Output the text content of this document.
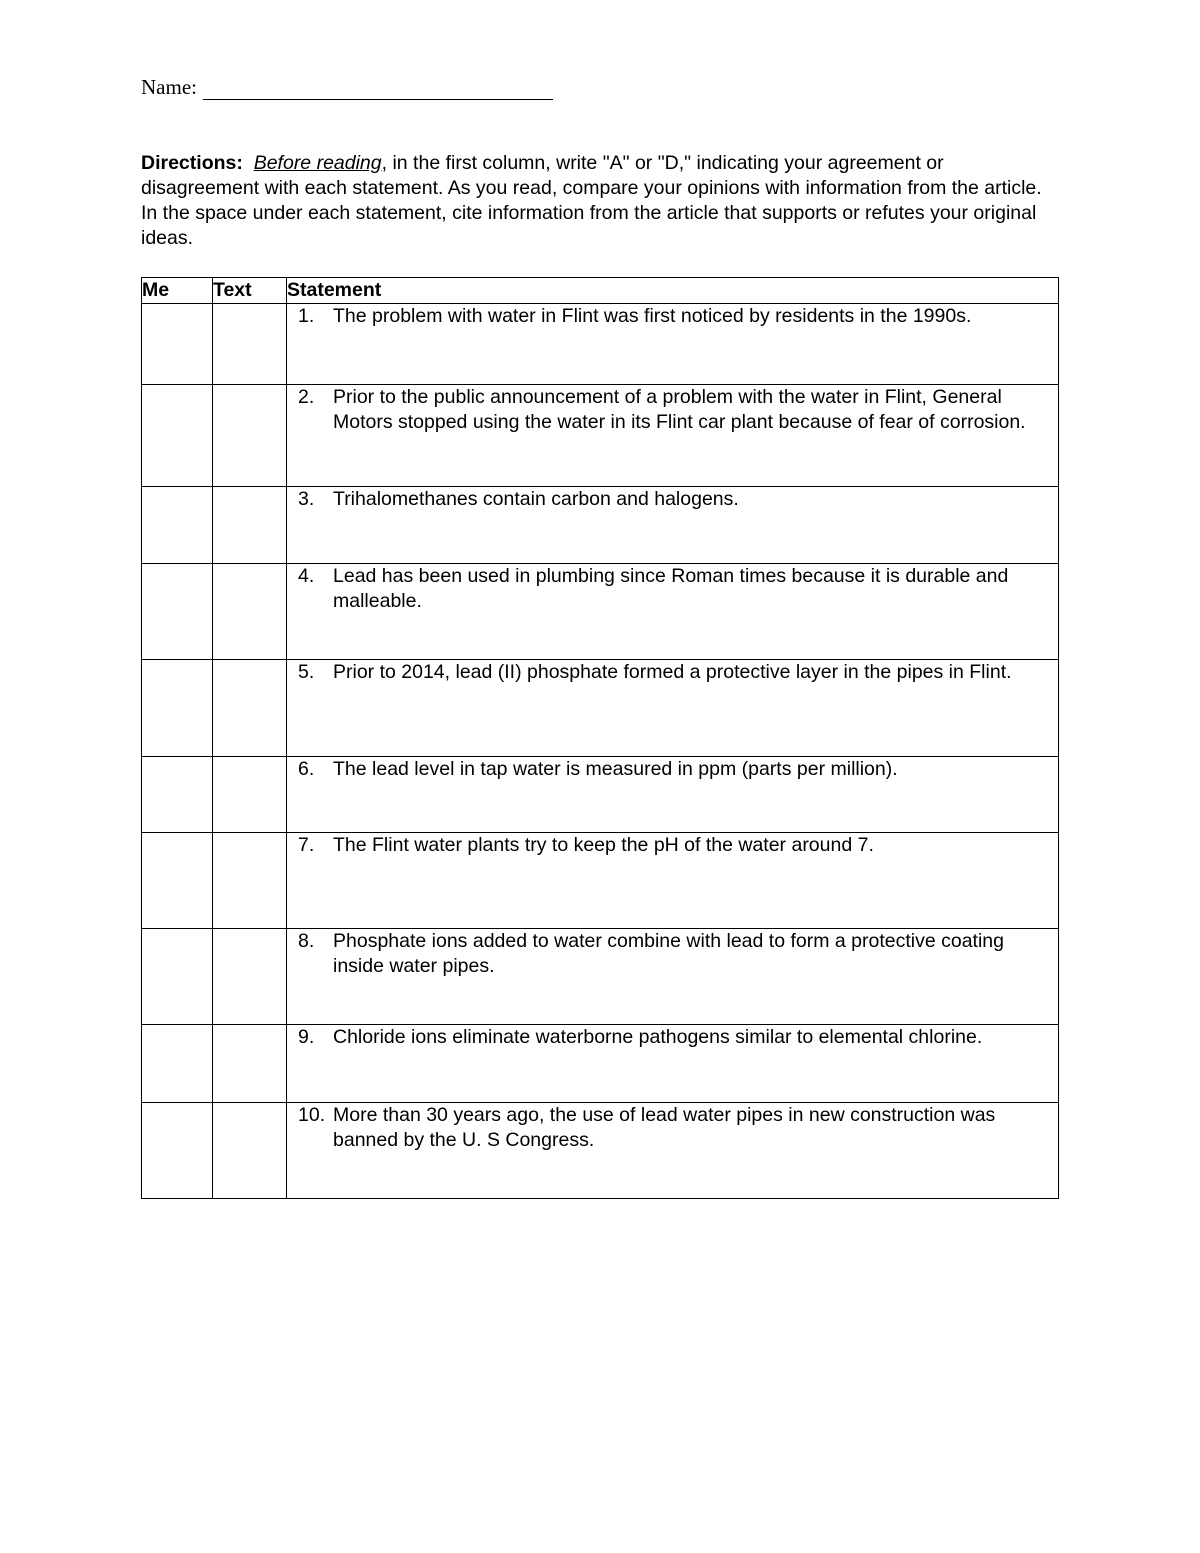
Name:
Directions: Before reading, in the first column, write "A" or "D," indicating your agreement or disagreement with each statement. As you read, compare your opinions with information from the article. In the space under each statement, cite information from the article that supports or refutes your original ideas.
Me	Text	Statement

		1. The problem with water in Flint was first noticed by residents in the 1990s.

		2. Prior to the public announcement of a problem with the water in Flint, General Motors stopped using the water in its Flint car plant because of fear of corrosion.

		3. Trihalomethanes contain carbon and halogens.

		4. Lead has been used in plumbing since Roman times because it is durable and malleable.

		5. Prior to 2014, lead (II) phosphate formed a protective layer in the pipes in Flint.

		6. The lead level in tap water is measured in ppm (parts per million).

		7. The Flint water plants try to keep the pH of the water around 7.

		8. Phosphate ions added to water combine with lead to form a protective coating inside water pipes.

		9. Chloride ions eliminate waterborne pathogens similar to elemental chlorine.

		10. More than 30 years ago, the use of lead water pipes in new construction was banned by the U. S Congress.
